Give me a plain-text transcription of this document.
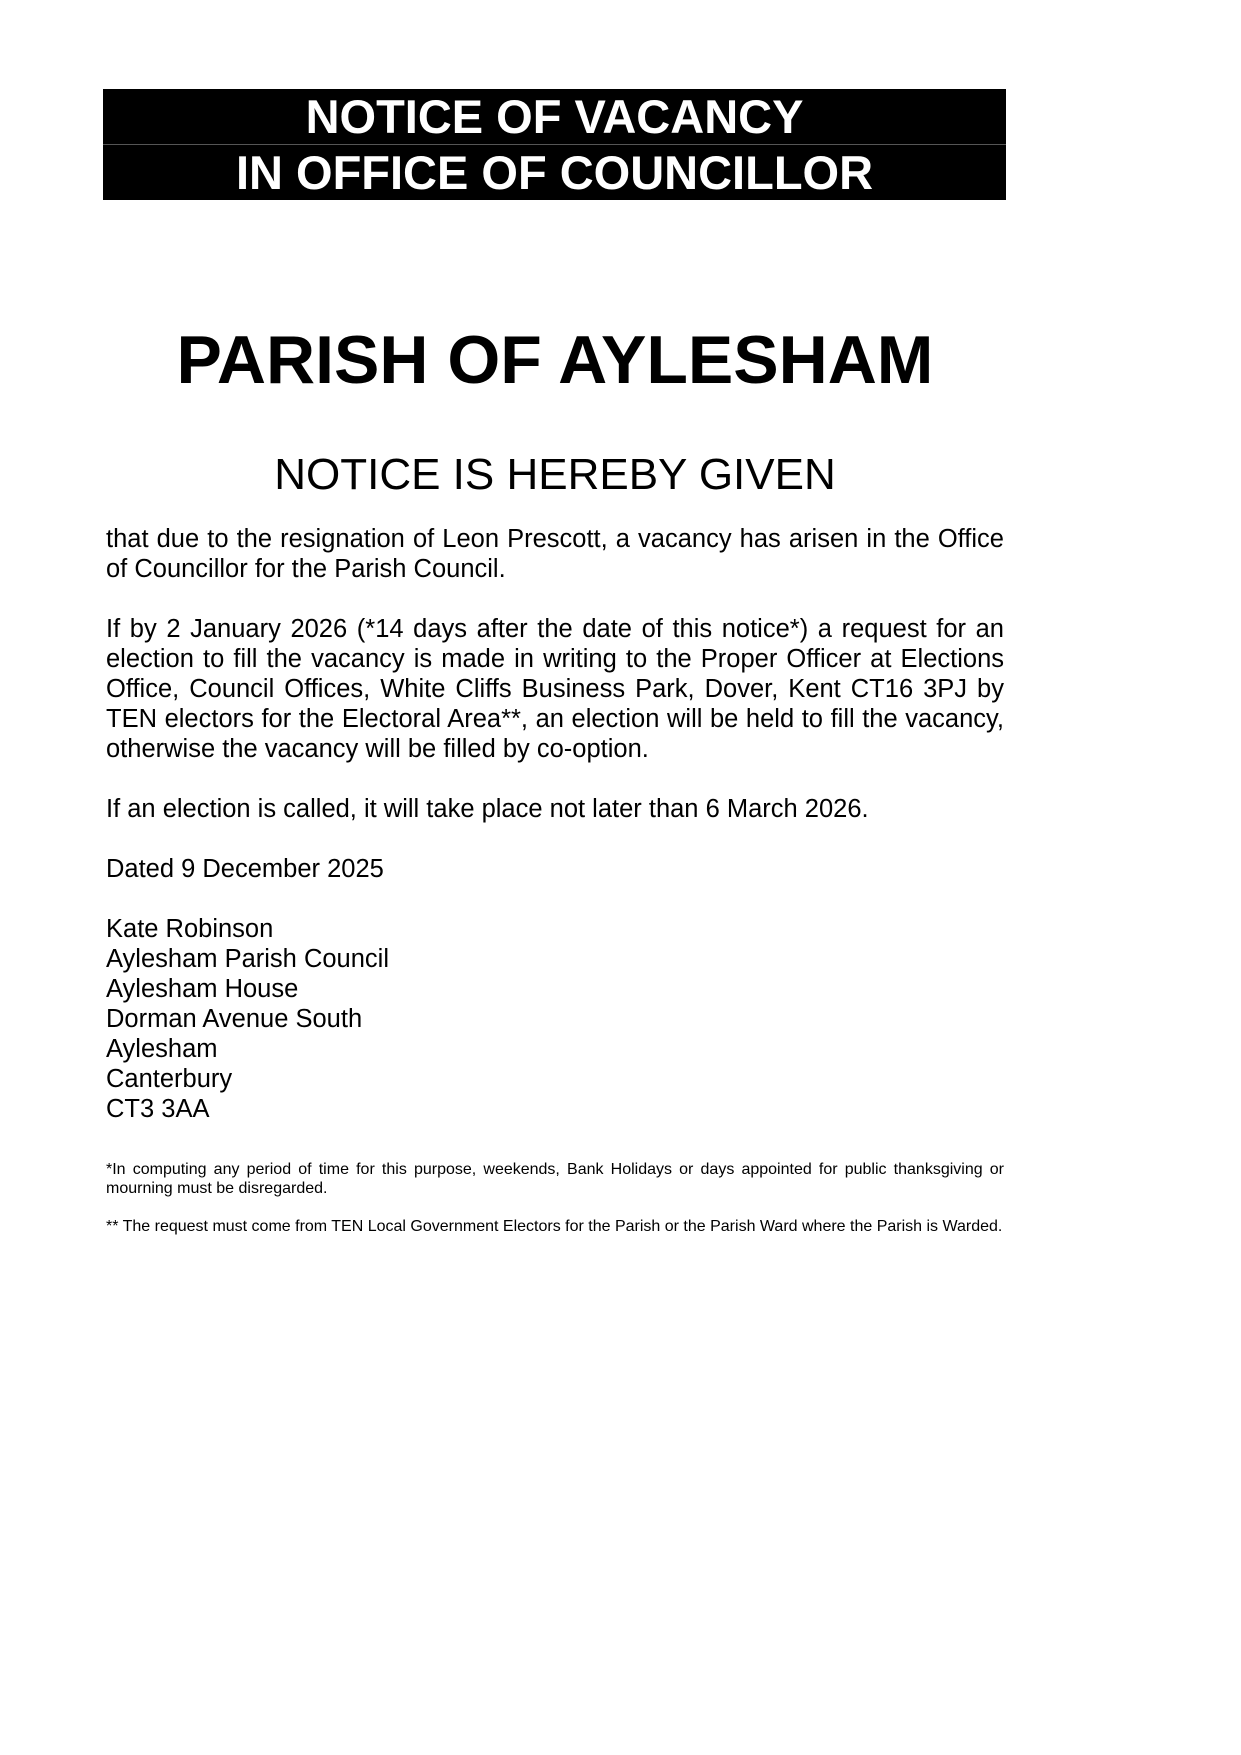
NOTICE OF VACANCY
IN OFFICE OF COUNCILLOR
PARISH OF AYLESHAM
NOTICE IS HEREBY GIVEN

that due to the resignation of Leon Prescott, a vacancy has arisen in the Office of Councillor for the Parish Council.

If by 2 January 2026 (*14 days after the date of this notice*) a request for an election to fill the vacancy is made in writing to the Proper Officer at Elections Office, Council Offices, White Cliffs Business Park, Dover, Kent CT16 3PJ by TEN electors for the Electoral Area**, an election will be held to fill the vacancy, otherwise the vacancy will be filled by co-option.

If an election is called, it will take place not later than 6 March 2026.

Dated 9 December 2025

Kate Robinson
Aylesham Parish Council
Aylesham House
Dorman Avenue South
Aylesham
Canterbury
CT3 3AA

*In computing any period of time for this purpose, weekends, Bank Holidays or days appointed for public thanksgiving or mourning must be disregarded.

** The request must come from TEN Local Government Electors for the Parish or the Parish Ward where the Parish is Warded.
